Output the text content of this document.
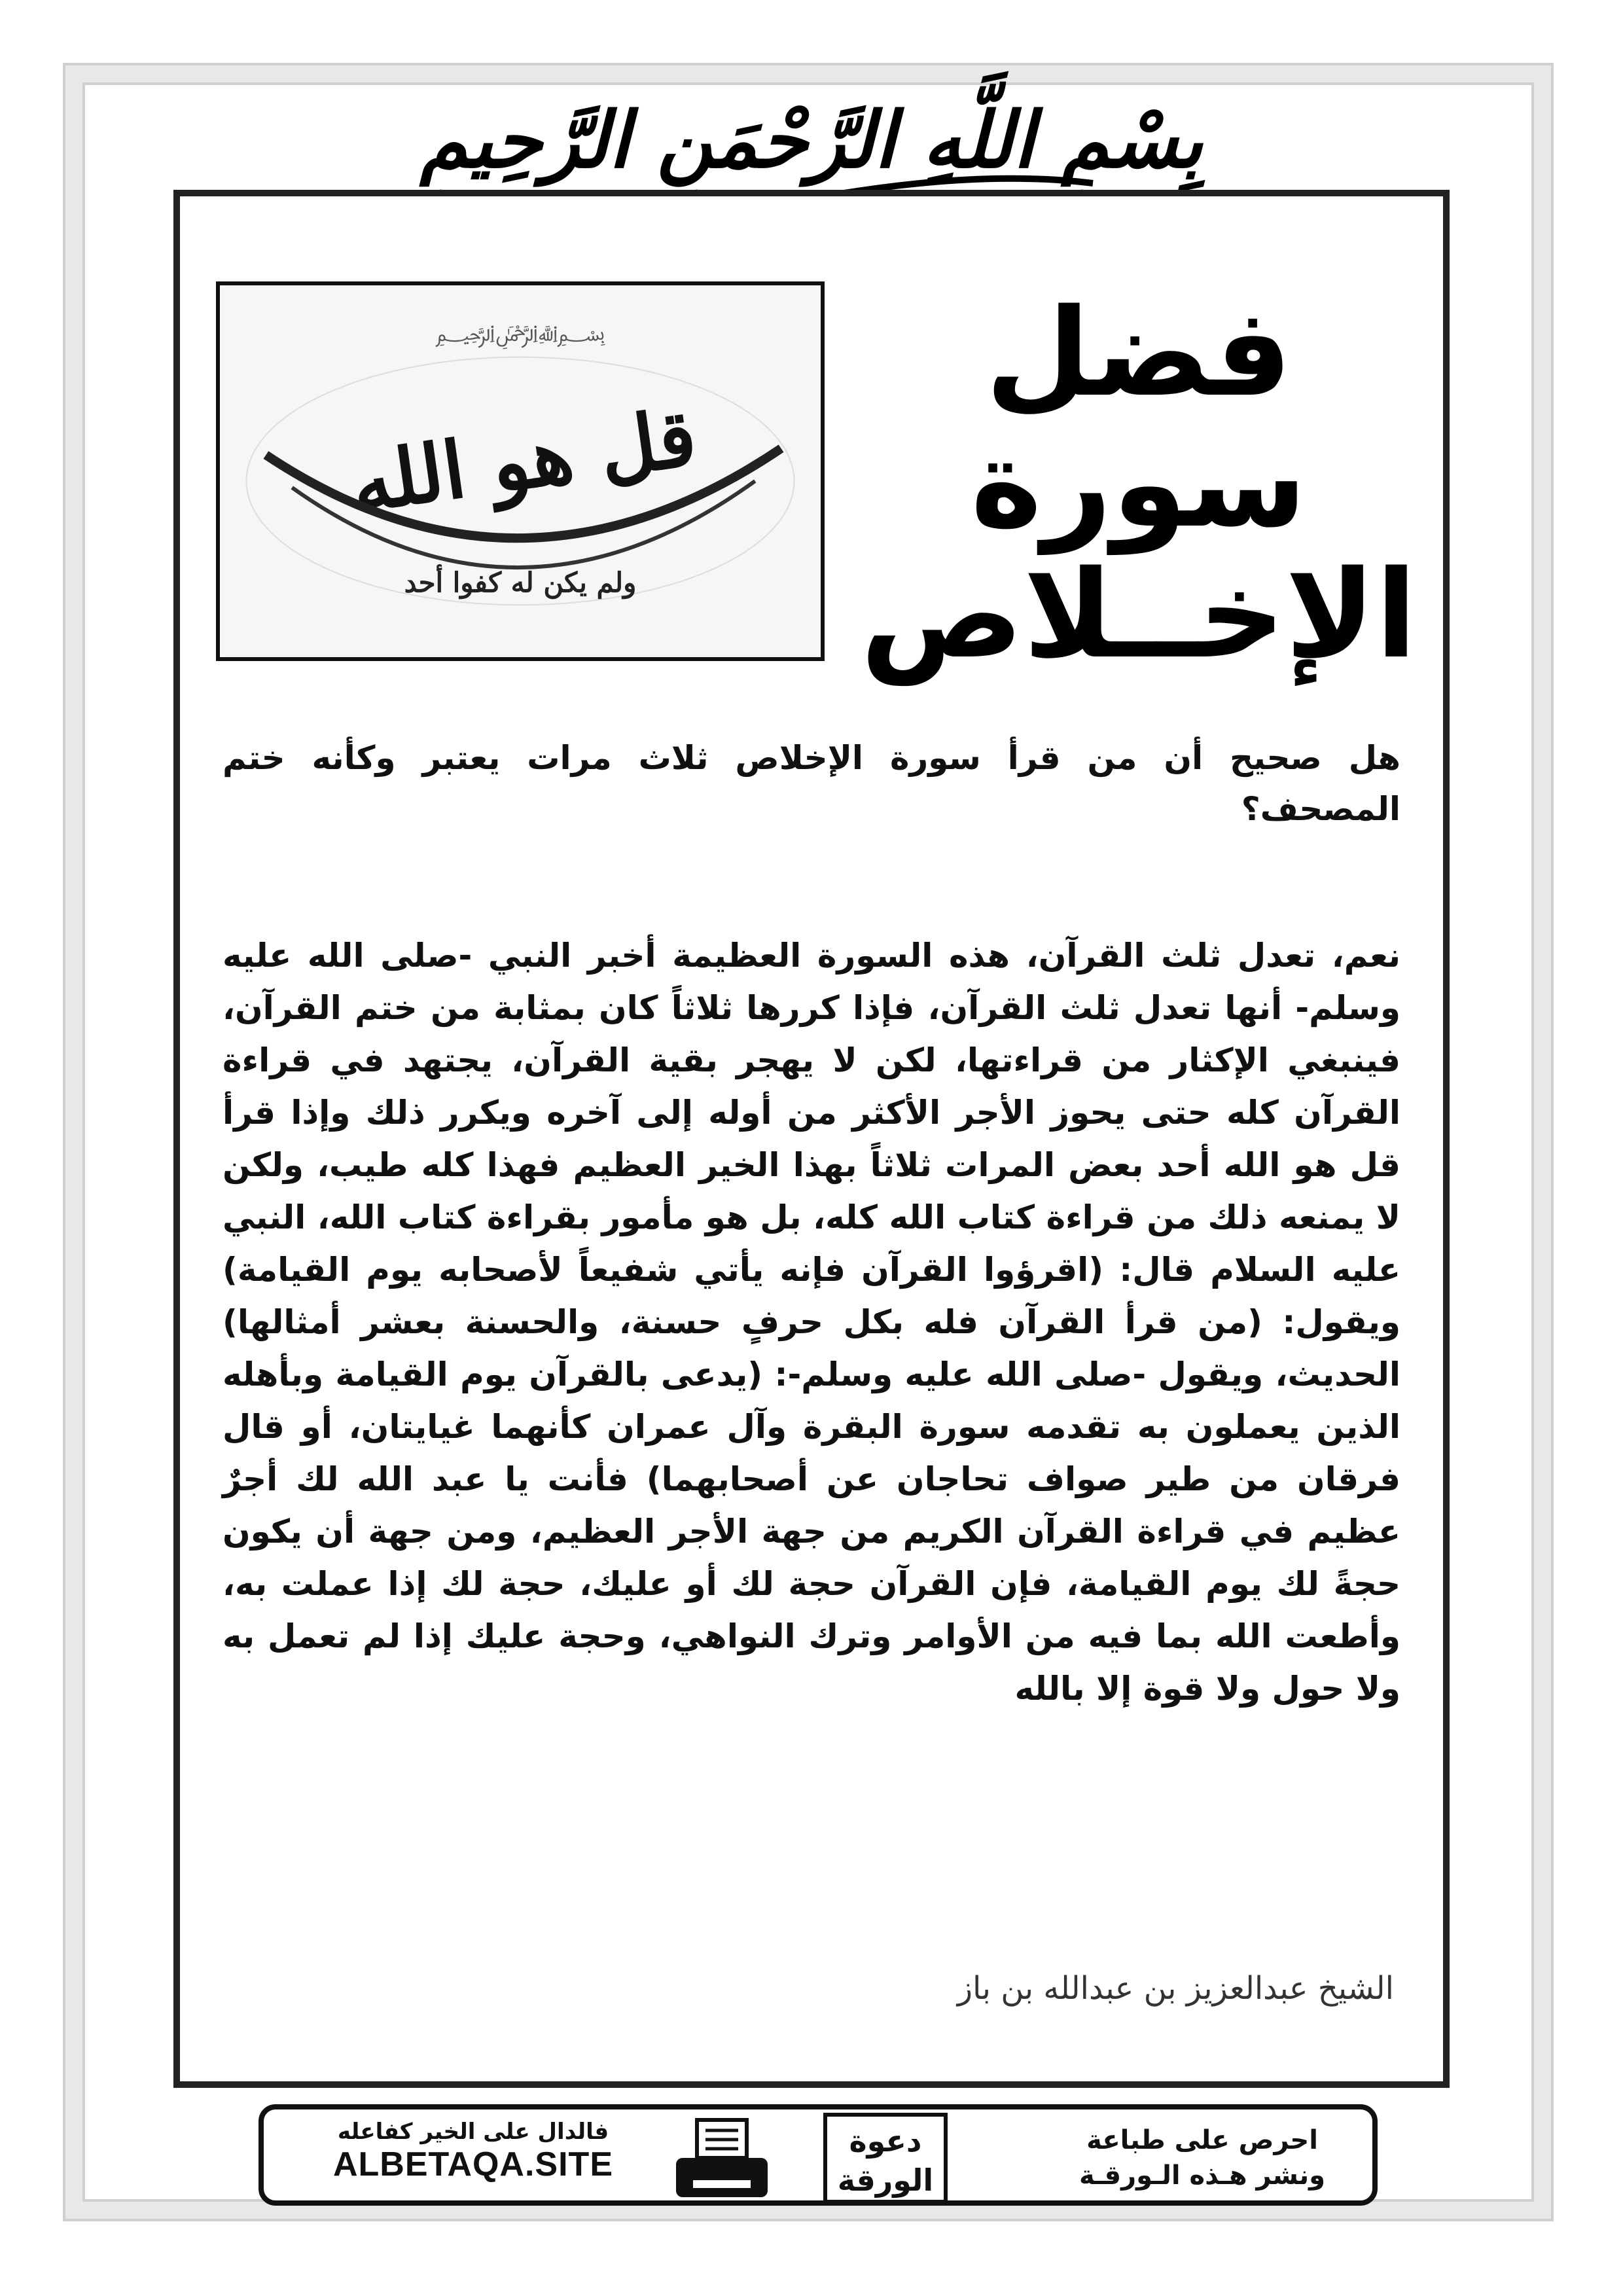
بِسْمِ اللَّهِ الرَّحْمَنِ الرَّحِيمِ
﷽
قل هو الله
ولم يكن له كفوا أحد
فضل سورة
الإخــلاص
هل صحيح أن من قرأ سورة الإخلاص ثلاث مرات يعتبر وكأنه ختم المصحف؟
نعم، تعدل ثلث القرآن، هذه السورة العظيمة أخبر النبي -صلى الله عليه وسلم- أنها تعدل ثلث القرآن، فإذا كررها ثلاثاً كان بمثابة من ختم القرآن، فينبغي الإكثار من قراءتها، لكن لا يهجر بقية القرآن، يجتهد في قراءة القرآن كله حتى يحوز الأجر الأكثر من أوله إلى آخره ويكرر ذلك وإذا قرأ قل هو الله أحد بعض المرات ثلاثاً بهذا الخير العظيم فهذا كله طيب، ولكن لا يمنعه ذلك من قراءة كتاب الله كله، بل هو مأمور بقراءة كتاب الله، النبي عليه السلام قال: (اقرؤوا القرآن فإنه يأتي شفيعاً لأصحابه يوم القيامة) ويقول: (من قرأ القرآن فله بكل حرفٍ حسنة، والحسنة بعشر أمثالها) الحديث، ويقول -صلى الله عليه وسلم-: (يدعى بالقرآن يوم القيامة وبأهله الذين يعملون به تقدمه سورة البقرة وآل عمران كأنهما غيايتان، أو قال فرقان من طير صواف تحاجان عن أصحابهما) فأنت يا عبد الله لك أجرٌ عظيم في قراءة القرآن الكريم من جهة الأجر العظيم، ومن جهة أن يكون حجةً لك يوم القيامة، فإن القرآن حجة لك أو عليك، حجة لك إذا عملت به، وأطعت الله بما فيه من الأوامر وترك النواهي، وحجة عليك إذا لم تعمل به ولا حول ولا قوة إلا بالله
الشيخ عبدالعزيز بن عبدالله بن باز
احرص على طباعة
ونشر هـذه الـورقـة
دعوة
الورقة
فالدال على الخير كفاعله
ALBETAQA.SITE
